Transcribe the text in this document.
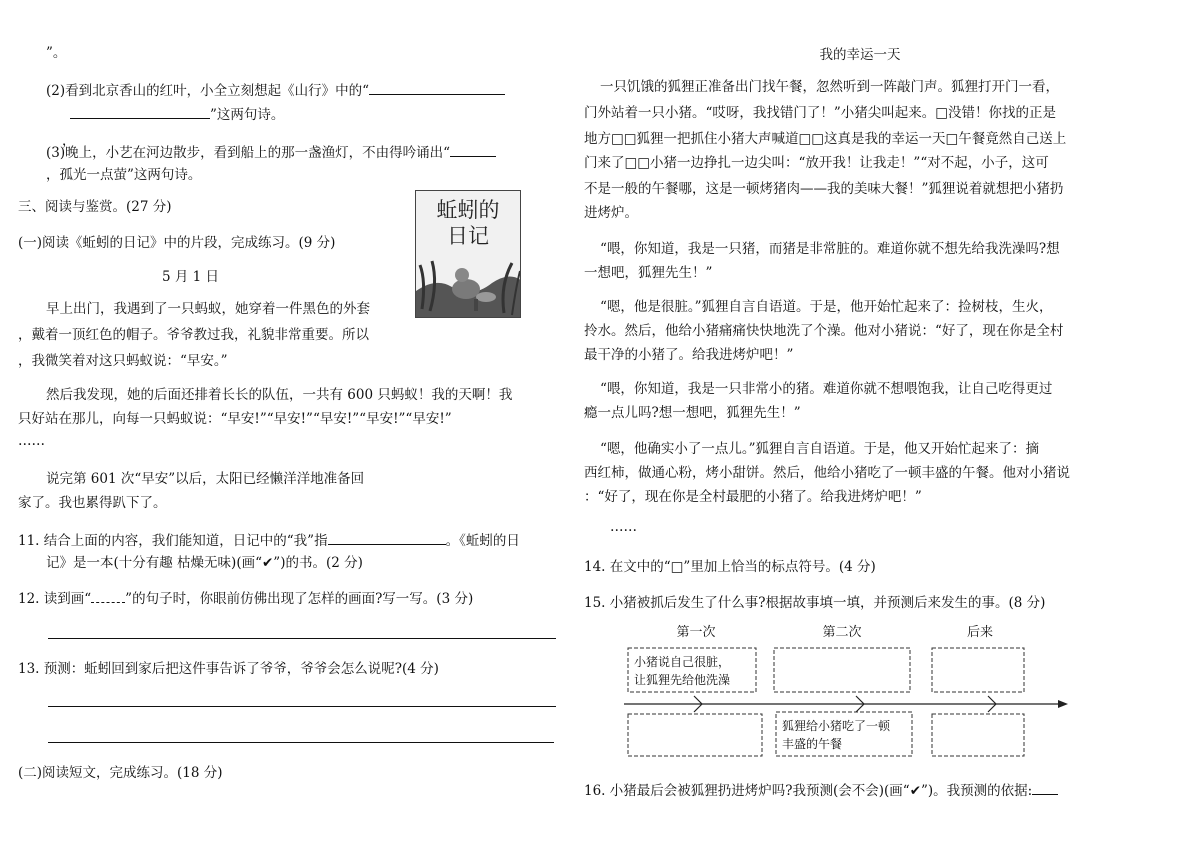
”。
(2)看到北京香山的红叶，小全立刻想起《山行》中的“
”这两句诗。
，
(3)晚上，小艺在河边散步，看到船上的那一盏渔灯，不由得吟诵出“
，孤光一点萤”这两句诗。
三、阅读与鉴赏。(27 分)
(一)阅读《蚯蚓的日记》中的片段，完成练习。(9 分)
5 月 1 日
蚯蚓的
日记
早上出门，我遇到了一只蚂蚁，她穿着一件黑色的外套
，戴着一顶红色的帽子。爷爷教过我，礼貌非常重要。所以
，我微笑着对这只蚂蚁说：“早安。”
然后我发现，她的后面还排着长长的队伍，一共有 600 只蚂蚁！我的天啊！我
只好站在那儿，向每一只蚂蚁说：“早安!”“早安!”“早安!”“早安!”“早安!”
……
说完第 601 次“早安”以后，太阳已经懒洋洋地准备回
家了。我也累得趴下了。
11. 结合上面的内容，我们能知道，日记中的“我”指	。《蚯蚓的日
记》是一本(十分有趣 枯燥无味)(画“✔”)的书。(2 分)
12. 读到画“	”的句子时，你眼前仿佛出现了怎样的画面?写一写。(3 分)
13. 预测：蚯蚓回到家后把这件事告诉了爷爷，爷爷会怎么说呢?(4 分)
(二)阅读短文，完成练习。(18 分)
我的幸运一天
一只饥饿的狐狸正准备出门找午餐，忽然听到一阵敲门声。狐狸打开门一看，
门外站着一只小猪。“哎呀，我找错门了！”小猪尖叫起来。□没错！你找的正是
地方□□狐狸一把抓住小猪大声喊道□□这真是我的幸运一天□午餐竟然自己送上
门来了□□小猪一边挣扎一边尖叫：“放开我！让我走！”“对不起，小子，这可
不是一般的午餐哪，这是一顿烤猪肉——我的美味大餐！”狐狸说着就想把小猪扔
进烤炉。
“喂，你知道，我是一只猪，而猪是非常脏的。难道你就不想先给我洗澡吗?想
一想吧，狐狸先生！”
“嗯，他是很脏。”狐狸自言自语道。于是，他开始忙起来了：捡树枝，生火，
拎水。然后，他给小猪痛痛快快地洗了个澡。他对小猪说：“好了，现在你是全村
最干净的小猪了。给我进烤炉吧！”
“喂，你知道，我是一只非常小的猪。难道你就不想喂饱我，让自己吃得更过
瘾一点儿吗?想一想吧，狐狸先生！”
“嗯，他确实小了一点儿。”狐狸自言自语道。于是，他又开始忙起来了：摘
西红柿，做通心粉，烤小甜饼。然后，他给小猪吃了一顿丰盛的午餐。他对小猪说
：“好了，现在你是全村最肥的小猪了。给我进烤炉吧！”
……
14. 在文中的“□”里加上恰当的标点符号。(4 分)
15. 小猪被抓后发生了什么事?根据故事填一填，并预测后来发生的事。(8 分)
第一次	第二次	后来
小猪说自己很脏，
让狐狸先给他洗澡
狐狸给小猪吃了一顿
丰盛的午餐
16. 小猪最后会被狐狸扔进烤炉吗?我预测(会不会)(画“✔”)。我预测的依据:
